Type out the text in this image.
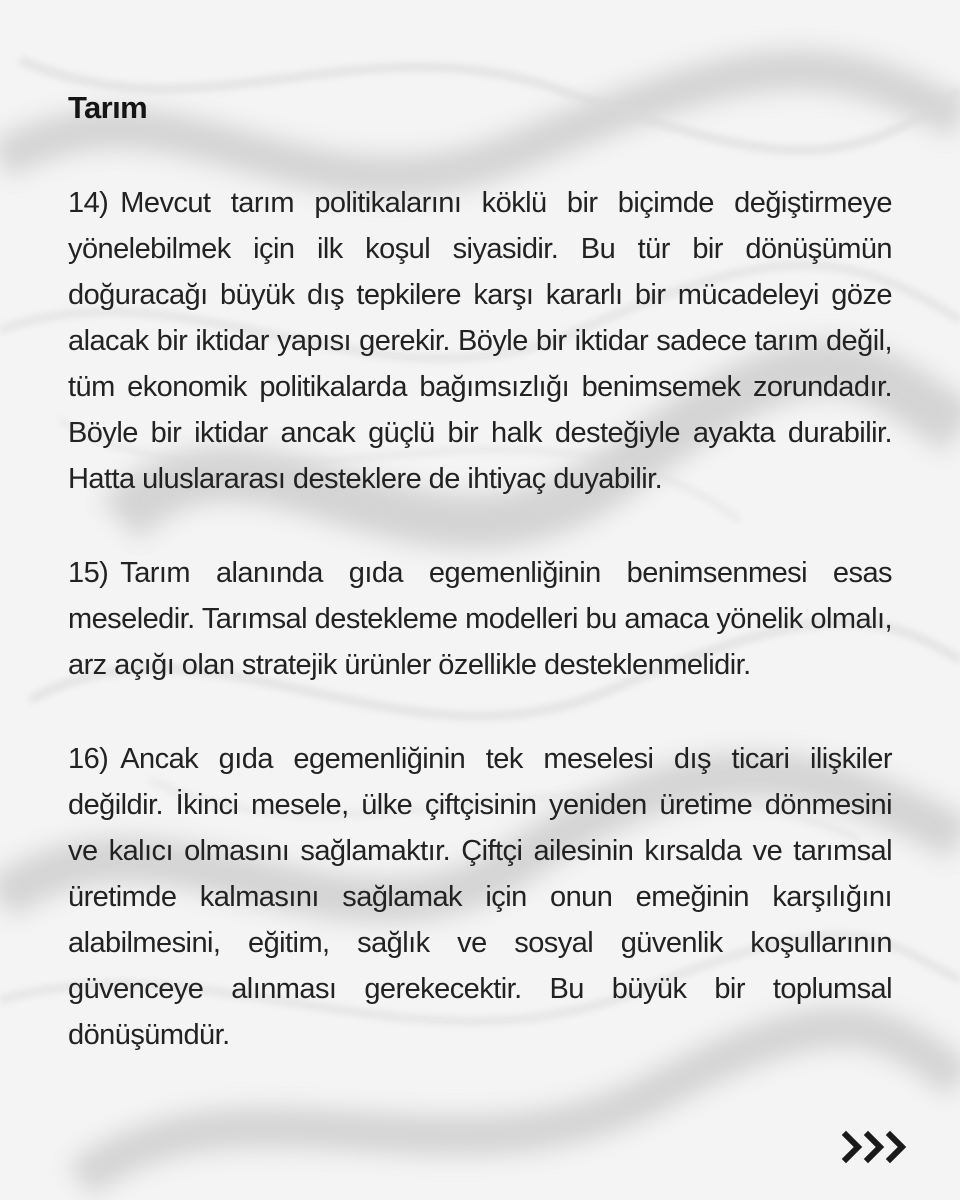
Tarım

14) Mevcut tarım politikalarını köklü bir biçimde değiştirmeye yönelebilmek için ilk koşul siyasidir. Bu tür bir dönüşümün doğuracağı büyük dış tepkilere karşı kararlı bir mücadeleyi göze alacak bir iktidar yapısı gerekir. Böyle bir iktidar sadece tarım değil, tüm ekonomik politikalarda bağımsızlığı benimsemek zorundadır. Böyle bir iktidar ancak güçlü bir halk desteğiyle ayakta durabilir. Hatta uluslararası desteklere de ihtiyaç duyabilir.

15) Tarım alanında gıda egemenliğinin benimsenmesi esas meseledir. Tarımsal destekleme modelleri bu amaca yönelik olmalı, arz açığı olan stratejik ürünler özellikle desteklenmelidir.

16) Ancak gıda egemenliğinin tek meselesi dış ticari ilişkiler değildir. İkinci mesele, ülke çiftçisinin yeniden üretime dönmesini ve kalıcı olmasını sağlamaktır. Çiftçi ailesinin kırsalda ve tarımsal üretimde kalmasını sağlamak için onun emeğinin karşılığını alabilmesini, eğitim, sağlık ve sosyal güvenlik koşullarının güvenceye alınması gerekecektir. Bu büyük bir toplumsal dönüşümdür.
